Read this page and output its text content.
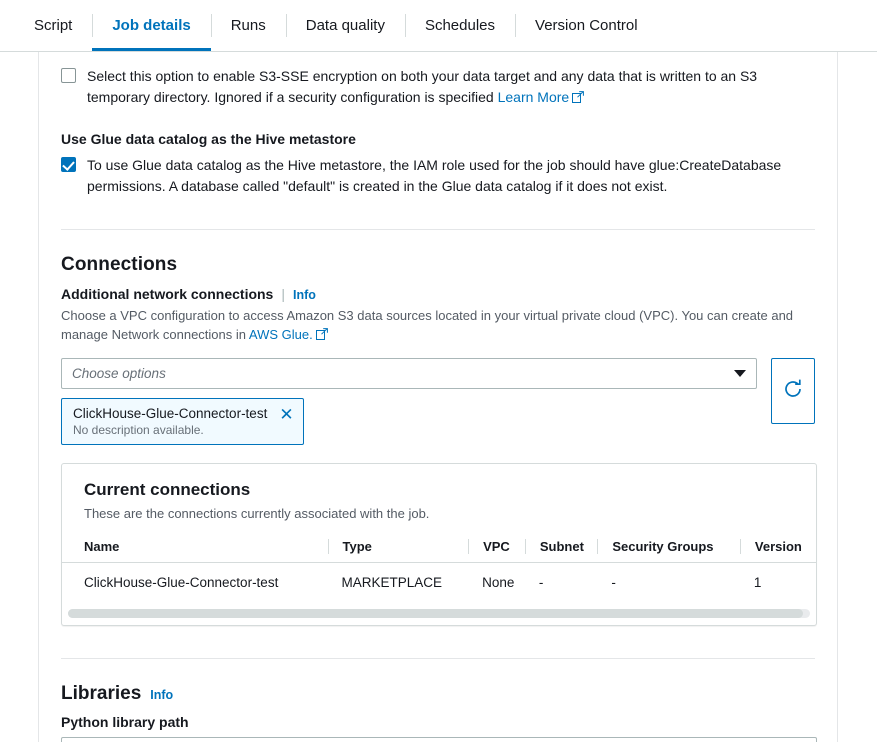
Script	Job details	Runs	Data quality	Schedules	Version Control
Select this option to enable S3-SSE encryption on both your data target and any data that is written to an S3 temporary directory. Ignored if a security configuration is specified Learn More
Use Glue data catalog as the Hive metastore
To use Glue data catalog as the Hive metastore, the IAM role used for the job should have glue:CreateDatabase permissions. A database called "default" is created in the Glue data catalog if it does not exist.
Connections
Additional network connections | Info
Choose a VPC configuration to access Amazon S3 data sources located in your virtual private cloud (VPC). You can create and manage Network connections in AWS Glue.
Choose options
ClickHouse-Glue-Connector-test
No description available.
✕
Current connections
These are the connections currently associated with the job.
Name	Type	VPC	Subnet	Security Groups	Version

ClickHouse-Glue-Connector-test	MARKETPLACE	None	-	-	1
Libraries Info
Python library path
